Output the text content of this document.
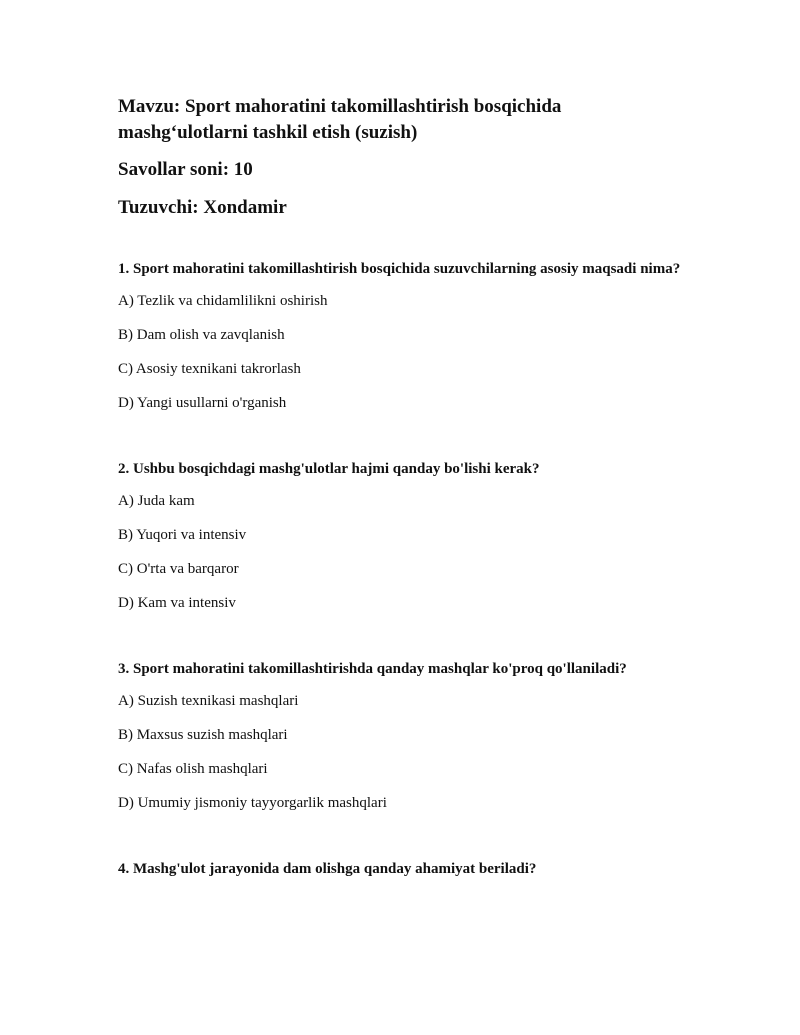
Mavzu: Sport mahoratini takomillashtirish bosqichida mashg‘ulotlarni tashkil etish (suzish)
Savollar soni: 10
Tuzuvchi: Xondamir
1. Sport mahoratini takomillashtirish bosqichida suzuvchilarning asosiy maqsadi nima?
A) Tezlik va chidamlilikni oshirish
B) Dam olish va zavqlanish
C) Asosiy texnikani takrorlash
D) Yangi usullarni o'rganish
2. Ushbu bosqichdagi mashg'ulotlar hajmi qanday bo'lishi kerak?
A) Juda kam
B) Yuqori va intensiv
C) O'rta va barqaror
D) Kam va intensiv
3. Sport mahoratini takomillashtirishda qanday mashqlar ko'proq qo'llaniladi?
A) Suzish texnikasi mashqlari
B) Maxsus suzish mashqlari
C) Nafas olish mashqlari
D) Umumiy jismoniy tayyorgarlik mashqlari
4. Mashg'ulot jarayonida dam olishga qanday ahamiyat beriladi?
